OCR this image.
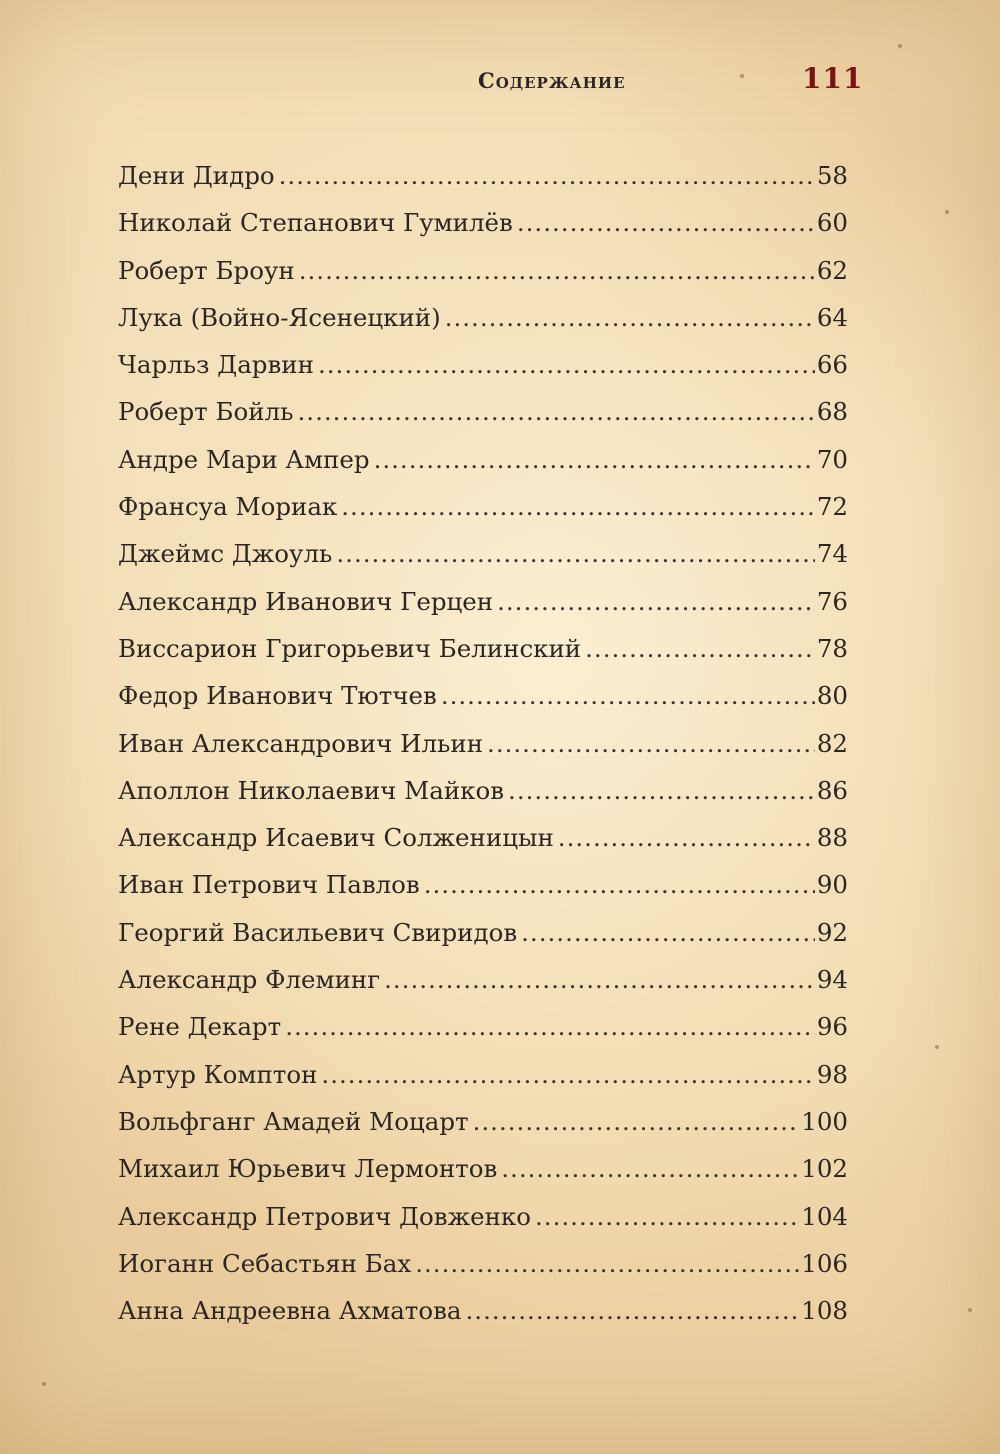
Содержание	111
Дени Дидро .....	58
Николай Степанович Гумилёв .....	60
Роберт Броун .....	62
Лука (Войно-Ясенецкий) .....	64
Чарльз Дарвин .....	66
Роберт Бойль .....	68
Андре Мари Ампер .....	70
Франсуа Мориак .....	72
Джеймс Джоуль .....	74
Александр Иванович Герцен .....	76
Виссарион Григорьевич Белинский .....	78
Федор Иванович Тютчев .....	80
Иван Александрович Ильин .....	82
Аполлон Николаевич Майков .....	86
Александр Исаевич Солженицын .....	88
Иван Петрович Павлов .....	90
Георгий Васильевич Свиридов .....	92
Александр Флеминг .....	94
Рене Декарт .....	96
Артур Комптон .....	98
Вольфганг Амадей Моцарт .....	100
Михаил Юрьевич Лермонтов .....	102
Александр Петрович Довженко .....	104
Иоганн Себастьян Бах .....	106
Анна Андреевна Ахматова .....	108
